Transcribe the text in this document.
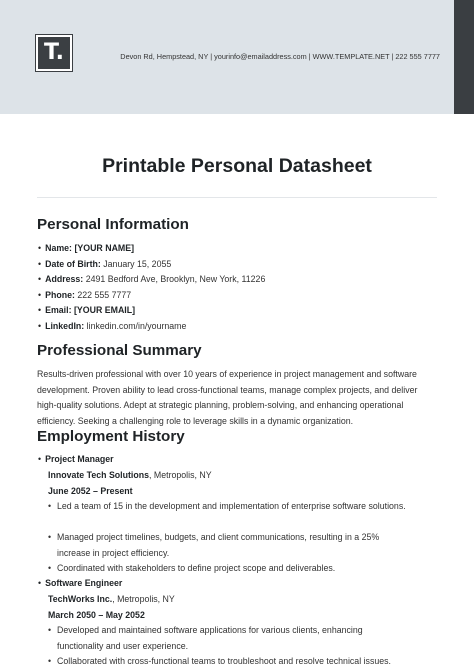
T.	Devon Rd, Hempstead, NY | yourinfo@emailaddress.com | WWW.TEMPLATE.NET | 222 555 7777
Printable Personal Datasheet
Personal Information
• Name: [YOUR NAME]
• Date of Birth: January 15, 2055
• Address: 2491 Bedford Ave, Brooklyn, New York, 11226
• Phone: 222 555 7777
• Email: [YOUR EMAIL]
• LinkedIn: linkedin.com/in/yourname
Professional Summary

Results-driven professional with over 10 years of experience in project management and software development. Proven ability to lead cross-functional teams, manage complex projects, and deliver high-quality solutions. Adept at strategic planning, problem-solving, and enhancing operational efficiency. Seeking a challenging role to leverage skills in a dynamic organization.

Employment History
• Project Manager
Innovate Tech Solutions, Metropolis, NY
June 2052 – Present
• Led a team of 15 in the development and implementation of enterprise software solutions.
• Managed project timelines, budgets, and client communications, resulting in a 25% increase in project efficiency.
• Coordinated with stakeholders to define project scope and deliverables.
• Software Engineer
TechWorks Inc., Metropolis, NY
March 2050 – May 2052
• Developed and maintained software applications for various clients, enhancing functionality and user experience.
• Collaborated with cross-functional teams to troubleshoot and resolve technical issues.
